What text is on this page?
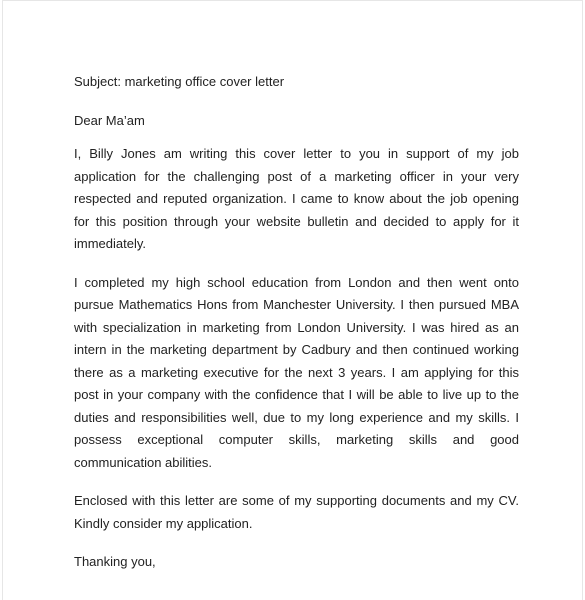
Subject: marketing office cover letter
Dear Ma’am

I, Billy Jones am writing this cover letter to you in support of my job application for the challenging post of a marketing officer in your very respected and reputed organization. I came to know about the job opening for this position through your website bulletin and decided to apply for it immediately.

I completed my high school education from London and then went onto pursue Mathematics Hons from Manchester University. I then pursued MBA with specialization in marketing from London University. I was hired as an intern in the marketing department by Cadbury and then continued working there as a marketing executive for the next 3 years. I am applying for this post in your company with the confidence that I will be able to live up to the duties and responsibilities well, due to my long experience and my skills. I possess exceptional computer skills, marketing skills and good communication abilities.

Enclosed with this letter are some of my supporting documents and my CV. Kindly consider my application.

Thanking you,
